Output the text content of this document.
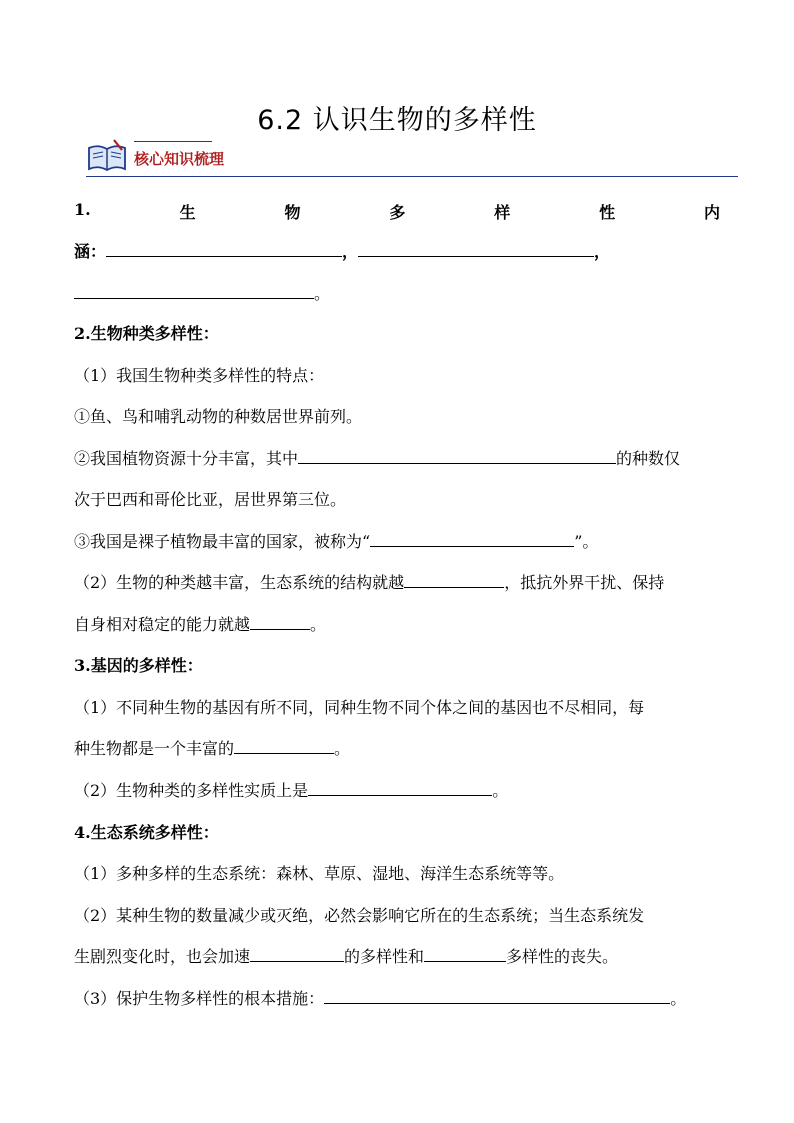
6.2 认识生物的多样性
核心知识梳理
1.	生	物	多	样	性	内
涵：	，	，
。
2.生物种类多样性：
（1）我国生物种类多样性的特点：
①鱼、鸟和哺乳动物的种数居世界前列。
②我国植物资源十分丰富，其中	的种数仅
次于巴西和哥伦比亚，居世界第三位。
③我国是裸子植物最丰富的国家，被称为“	”。
（2）生物的种类越丰富，生态系统的结构就越	，抵抗外界干扰、保持
自身相对稳定的能力就越	。
3.基因的多样性：
（1）不同种生物的基因有所不同，同种生物不同个体之间的基因也不尽相同，每
种生物都是一个丰富的	。
（2）生物种类的多样性实质上是	。
4.生态系统多样性：
（1）多种多样的生态系统：森林、草原、湿地、海洋生态系统等等。
（2）某种生物的数量减少或灭绝，必然会影响它所在的生态系统；当生态系统发
生剧烈变化时，也会加速	的多样性和	多样性的丧失。
（3）保护生物多样性的根本措施：	。
